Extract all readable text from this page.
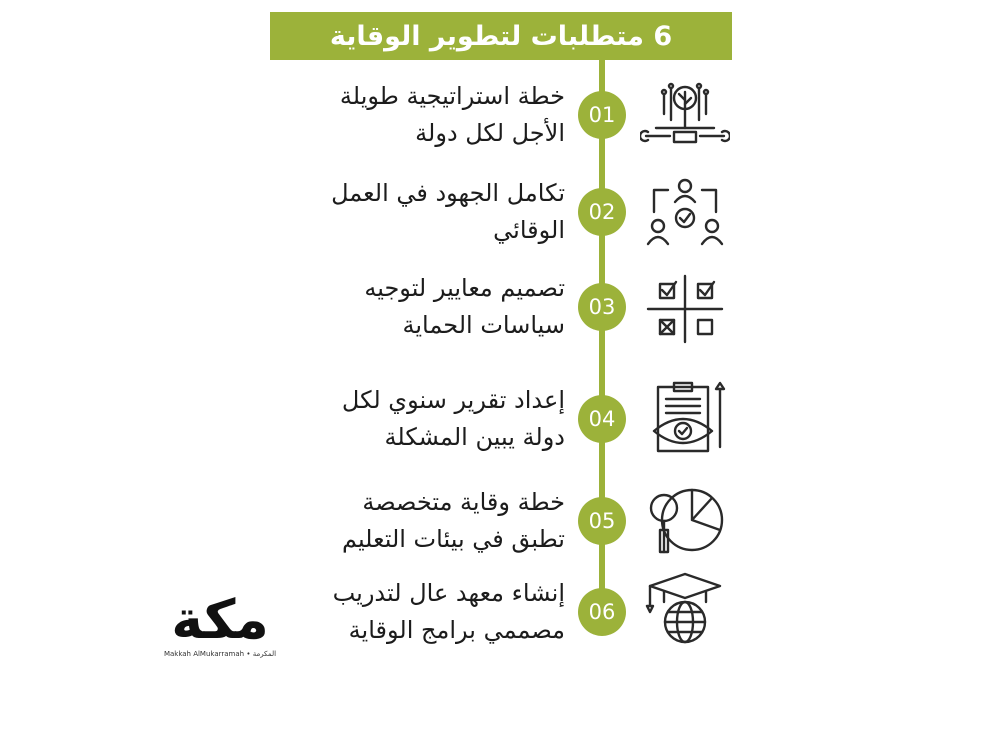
6 متطلبات لتطوير الوقاية
خطة استراتيجية طويلة
الأجل لكل دولة
01
تكامل الجهود في العمل
الوقائي
02
تصميم معايير لتوجيه
سياسات الحماية
03
إعداد تقرير سنوي لكل
دولة يبين المشكلة
04
خطة وقاية متخصصة
تطبق في بيئات التعليم
05
إنشاء معهد عال لتدريب
مصممي برامج الوقاية
06
مكة
Makkah AlMukarramah • المكرمة
